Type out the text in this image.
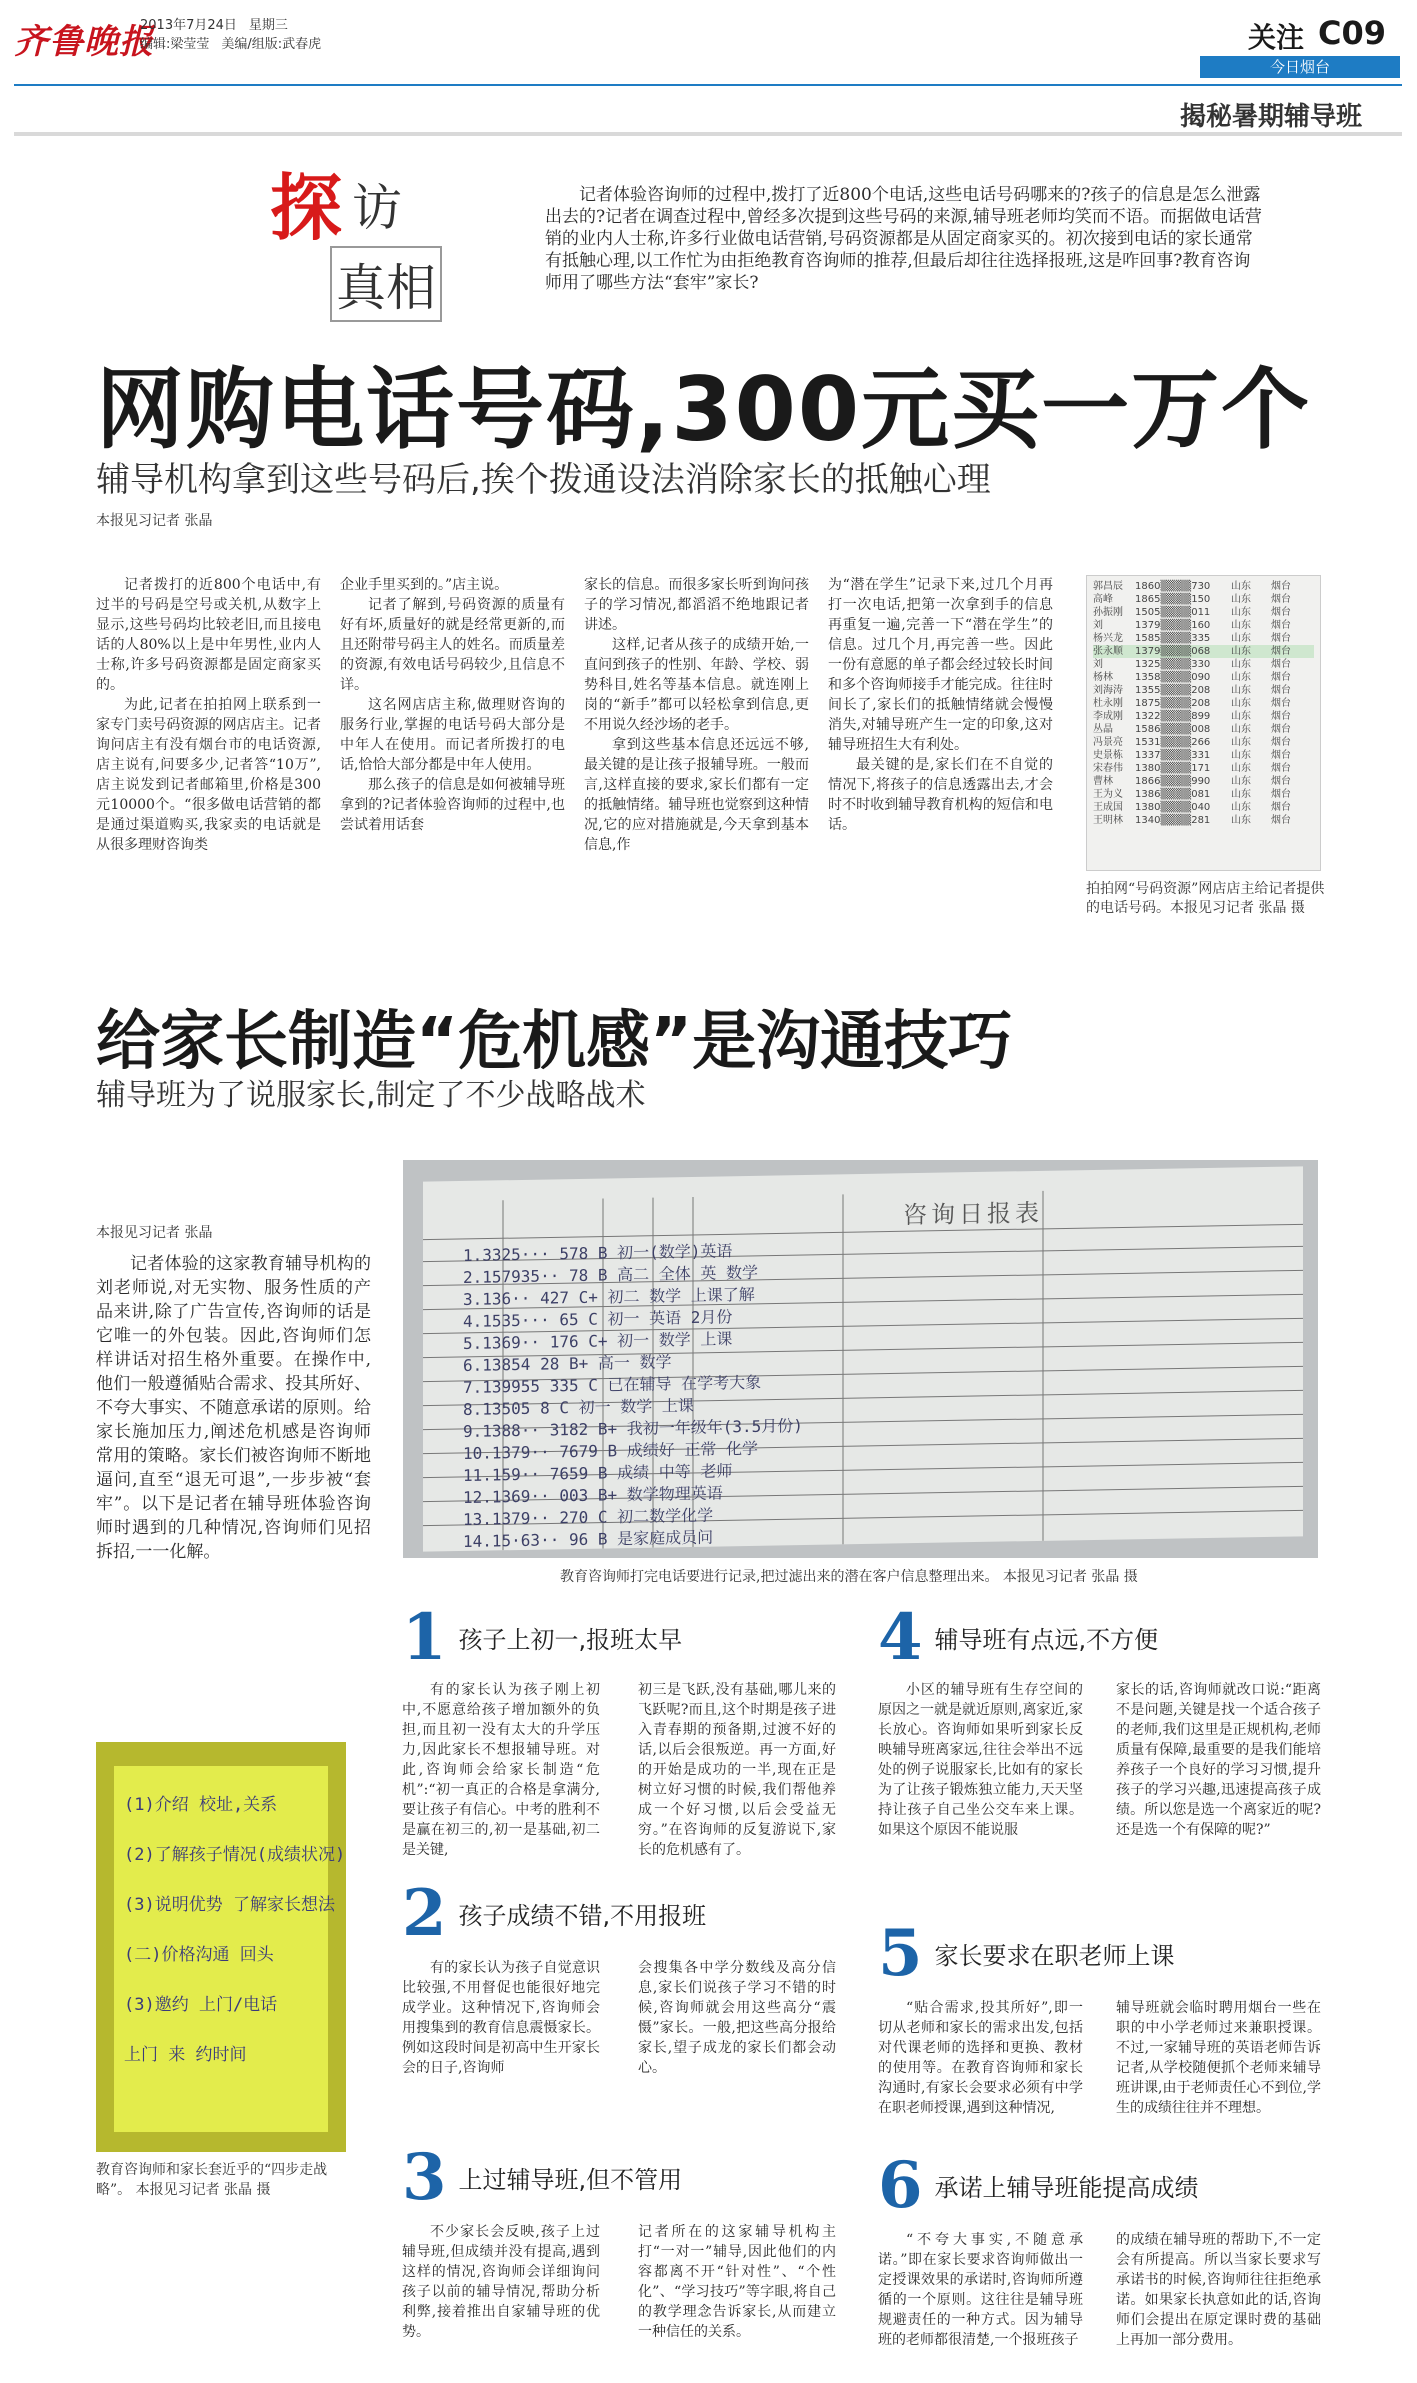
齐鲁晚报
2013年7月24日 星期三
编辑:梁莹莹 美编/组版:武春虎	关注 C09
今日烟台
揭秘暑期辅导班
探 访
真相
记者体验咨询师的过程中,拨打了近800个电话,这些电话号码哪来的?孩子的信息是怎么泄露出去的?记者在调查过程中,曾经多次提到这些号码的来源,辅导班老师均笑而不语。而据做电话营销的业内人士称,许多行业做电话营销,号码资源都是从固定商家买的。初次接到电话的家长通常有抵触心理,以工作忙为由拒绝教育咨询师的推荐,但最后却往往选择报班,这是咋回事?教育咨询师用了哪些方法“套牢”家长?
网购电话号码,300元买一万个
辅导机构拿到这些号码后,挨个拨通设法消除家长的抵触心理
本报见习记者 张晶

记者拨打的近800个电话中,有过半的号码是空号或关机,从数字上显示,这些号码均比较老旧,而且接电话的人80%以上是中年男性,业内人士称,许多号码资源都是固定商家买的。

为此,记者在拍拍网上联系到一家专门卖号码资源的网店店主。记者询问店主有没有烟台市的电话资源,店主说有,问要多少,记者答“10万”,店主说发到记者邮箱里,价格是300元10000个。“很多做电话营销的都是通过渠道购买,我家卖的电话就是从很多理财咨询类

企业手里买到的。”店主说。

记者了解到,号码资源的质量有好有坏,质量好的就是经常更新的,而且还附带号码主人的姓名。而质量差的资源,有效电话号码较少,且信息不详。

这名网店店主称,做理财咨询的服务行业,掌握的电话号码大部分是中年人在使用。而记者所拨打的电话,恰恰大部分都是中年人使用。

那么孩子的信息是如何被辅导班拿到的?记者体验咨询师的过程中,也尝试着用话套

家长的信息。而很多家长听到询问孩子的学习情况,都滔滔不绝地跟记者讲述。

这样,记者从孩子的成绩开始,一直问到孩子的性别、年龄、学校、弱势科目,姓名等基本信息。就连刚上岗的“新手”都可以轻松拿到信息,更不用说久经沙场的老手。

拿到这些基本信息还远远不够,最关键的是让孩子报辅导班。一般而言,这样直接的要求,家长们都有一定的抵触情绪。辅导班也觉察到这种情况,它的应对措施就是,今天拿到基本信息,作

为“潜在学生”记录下来,过几个月再打一次电话,把第一次拿到手的信息再重复一遍,完善一下“潜在学生”的信息。过几个月,再完善一些。因此一份有意愿的单子都会经过较长时间和多个咨询师接手才能完成。往往时间长了,家长们的抵触情绪就会慢慢消失,对辅导班产生一定的印象,这对辅导班招生大有利处。

最关键的是,家长们在不自觉的情况下,将孩子的信息透露出去,才会时不时收到辅导教育机构的短信和电话。

郭昌辰	1860▒▒▒▒730	山东	烟台
高峰	1865▒▒▒▒150	山东	烟台
孙振刚	1505▒▒▒▒011	山东	烟台
刘	1379▒▒▒▒160	山东	烟台
杨兴龙	1585▒▒▒▒335	山东	烟台
张永顺	1379▒▒▒▒068	山东	烟台
刘	1325▒▒▒▒330	山东	烟台
杨林	1358▒▒▒▒090	山东	烟台
刘海涛	1355▒▒▒▒208	山东	烟台
杜永刚	1875▒▒▒▒208	山东	烟台
李成刚	1322▒▒▒▒899	山东	烟台
丛晶	1586▒▒▒▒008	山东	烟台
冯景亮	1531▒▒▒▒266	山东	烟台
史景栋	1337▒▒▒▒331	山东	烟台
宋春伟	1380▒▒▒▒171	山东	烟台
曹林	1866▒▒▒▒990	山东	烟台
王为义	1386▒▒▒▒081	山东	烟台
王成国	1380▒▒▒▒040	山东	烟台
王明林	1340▒▒▒▒281	山东	烟台
拍拍网“号码资源”网店店主给记者提供的电话号码。本报见习记者 张晶 摄
给家长制造“危机感”是沟通技巧
辅导班为了说服家长,制定了不少战略战术
本报见习记者 张晶

记者体验的这家教育辅导机构的刘老师说,对无实物、服务性质的产品来讲,除了广告宣传,咨询师的话是它唯一的外包装。因此,咨询师们怎样讲话对招生格外重要。在操作中,他们一般遵循贴合需求、投其所好、不夸大事实、不随意承诺的原则。给家长施加压力,阐述危机感是咨询师常用的策略。家长们被咨询师不断地逼问,直至“退无可退”,一步步被“套牢”。以下是记者在辅导班体验咨询师时遇到的几种情况,咨询师们见招拆招,一一化解。

咨询日报表
1.3325··· 578 B 初一(数学)英语
2.157935·· 78 B 高二 全体 英 数学
3.136·· 427 C+ 初二 数学 上课了解
4.1535··· 65 C 初一 英语 2月份
5.1369·· 176 C+ 初一 数学 上课
6.13854 28 B+ 高一 数学
7.139955 335 C 已在辅导 在学考大象
8.13505 8 C 初一 数学 上课
9.1388·· 3182 B+ 我初一年级年(3.5月份)
10.1379·· 7679 B 成绩好 正常 化学
11.159·· 7659 B 成绩 中等 老师
12.1369·· 003 B+ 数学物理英语
13.1379·· 270 C 初二数学化学
14.15·63·· 96 B 是家庭成员问
教育咨询师打完电话要进行记录,把过滤出来的潜在客户信息整理出来。 本报见习记者 张晶 摄
(1)介绍 校址,关系
(2)了解孩子情况(成绩状况)
(3)说明优势 了解家长想法
(二)价格沟通 回头
(3)邀约 上门/电话
上门 来 约时间
教育咨询师和家长套近乎的“四步走战略”。 本报见习记者 张晶 摄
1 孩子上初一,报班太早

有的家长认为孩子刚上初中,不愿意给孩子增加额外的负担,而且初一没有太大的升学压力,因此家长不想报辅导班。对此,咨询师会给家长制造“危机”:“初一真正的合格是拿满分,要让孩子有信心。中考的胜利不是赢在初三的,初一是基础,初二是关键,

初三是飞跃,没有基础,哪儿来的飞跃呢?而且,这个时期是孩子进入青春期的预备期,过渡不好的话,以后会很叛逆。再一方面,好的开始是成功的一半,现在正是树立好习惯的时候,我们帮他养成一个好习惯,以后会受益无穷。”在咨询师的反复游说下,家长的危机感有了。

2 孩子成绩不错,不用报班

有的家长认为孩子自觉意识比较强,不用督促也能很好地完成学业。这种情况下,咨询师会用搜集到的教育信息震慑家长。例如这段时间是初高中生开家长会的日子,咨询师

会搜集各中学分数线及高分信息,家长们说孩子学习不错的时候,咨询师就会用这些高分“震慑”家长。一般,把这些高分报给家长,望子成龙的家长们都会动心。

3 上过辅导班,但不管用

不少家长会反映,孩子上过辅导班,但成绩并没有提高,遇到这样的情况,咨询师会详细询问孩子以前的辅导情况,帮助分析利弊,接着推出自家辅导班的优势。

记者所在的这家辅导机构主打“一对一”辅导,因此他们的内容都离不开“针对性”、“个性化”、“学习技巧”等字眼,将自己的教学理念告诉家长,从而建立一种信任的关系。

4 辅导班有点远,不方便

小区的辅导班有生存空间的原因之一就是就近原则,离家近,家长放心。咨询师如果听到家长反映辅导班离家远,往往会举出不远处的例子说服家长,比如有的家长为了让孩子锻炼独立能力,天天坚持让孩子自己坐公交车来上课。如果这个原因不能说服

家长的话,咨询师就改口说:“距离不是问题,关键是找一个适合孩子的老师,我们这里是正规机构,老师质量有保障,最重要的是我们能培养孩子一个良好的学习习惯,提升孩子的学习兴趣,迅速提高孩子成绩。所以您是选一个离家近的呢?还是选一个有保障的呢?”

5 家长要求在职老师上课

“贴合需求,投其所好”,即一切从老师和家长的需求出发,包括对代课老师的选择和更换、教材的使用等。在教育咨询师和家长沟通时,有家长会要求必须有中学在职老师授课,遇到这种情况,

辅导班就会临时聘用烟台一些在职的中小学老师过来兼职授课。不过,一家辅导班的英语老师告诉记者,从学校随便抓个老师来辅导班讲课,由于老师责任心不到位,学生的成绩往往并不理想。

6 承诺上辅导班能提高成绩

“不夸大事实,不随意承诺。”即在家长要求咨询师做出一定授课效果的承诺时,咨询师所遵循的一个原则。这往往是辅导班规避责任的一种方式。因为辅导班的老师都很清楚,一个报班孩子

的成绩在辅导班的帮助下,不一定会有所提高。所以当家长要求写承诺书的时候,咨询师往往拒绝承诺。如果家长执意如此的话,咨询师们会提出在原定课时费的基础上再加一部分费用。
